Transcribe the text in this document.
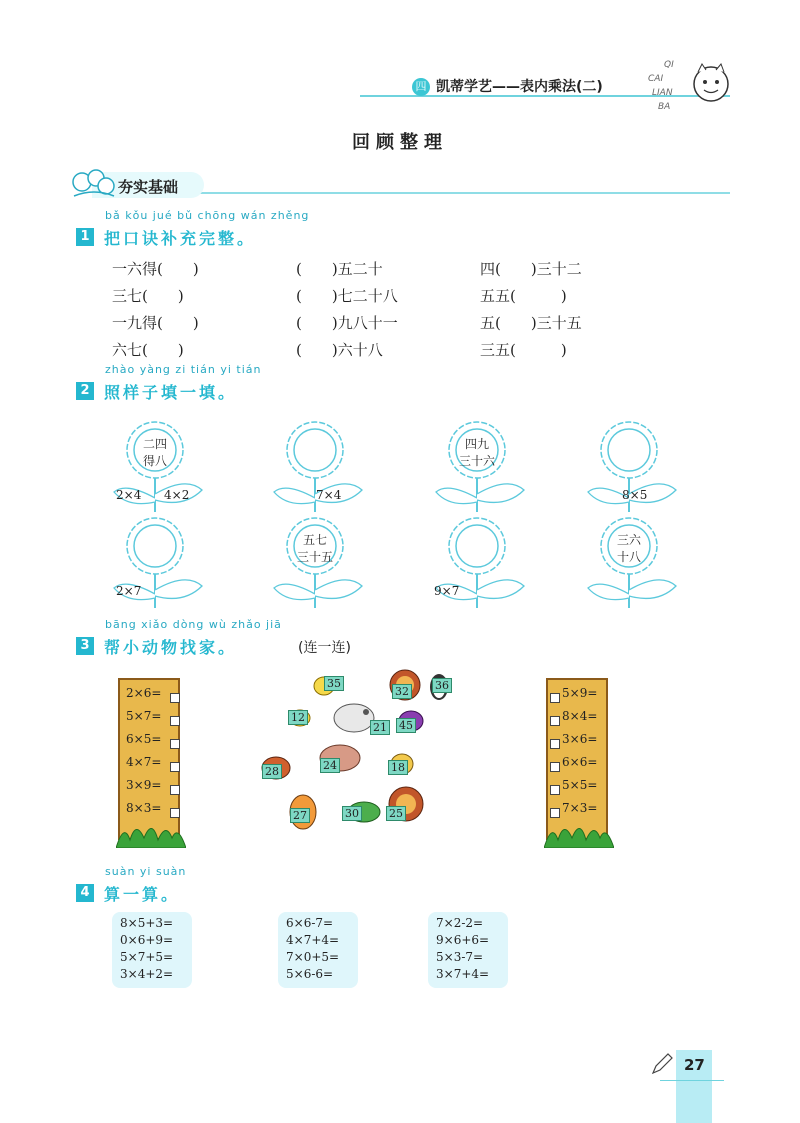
四 凯蒂学艺——表内乘法(二)
QI
CAI
LIAN
BA
回顾整理
夯实基础
bǎ kǒu jué bǔ chōng wán zhěng
1 把口诀补充完整。
一六得(　　)	(　　)五二十	四(　　)三十二
三七(　　)	(　　)七二十八	五五(　　　)
一九得(　　)	(　　)九八十一	五(　　)三十五
六七(　　)	(　　)六十八	三五(　　　)
zhào yàng zi tián yi tián
2 照样子填一填。
二四
得八
2×4 4×2	7×4
四九
三十六
8×5
2×7
五七
三十五
9×7
三六
十八
bāng xiǎo dòng wù zhǎo jiā
3 帮小动物找家。	(连一连)
2×6=
5×7=
6×5=
4×7=
3×9=
8×3=
5×9=
8×4=
3×6=
6×6=
5×5=
7×3=
35
32 36
12
21 45
28	24	18
27	30	25
suàn yi suàn
4 算一算。
8×5+3=
0×6+9=
5×7+5=
3×4+2=
6×6-7=
4×7+4=
7×0+5=
5×6-6=
7×2-2=
9×6+6=
5×3-7=
3×7+4=
27
